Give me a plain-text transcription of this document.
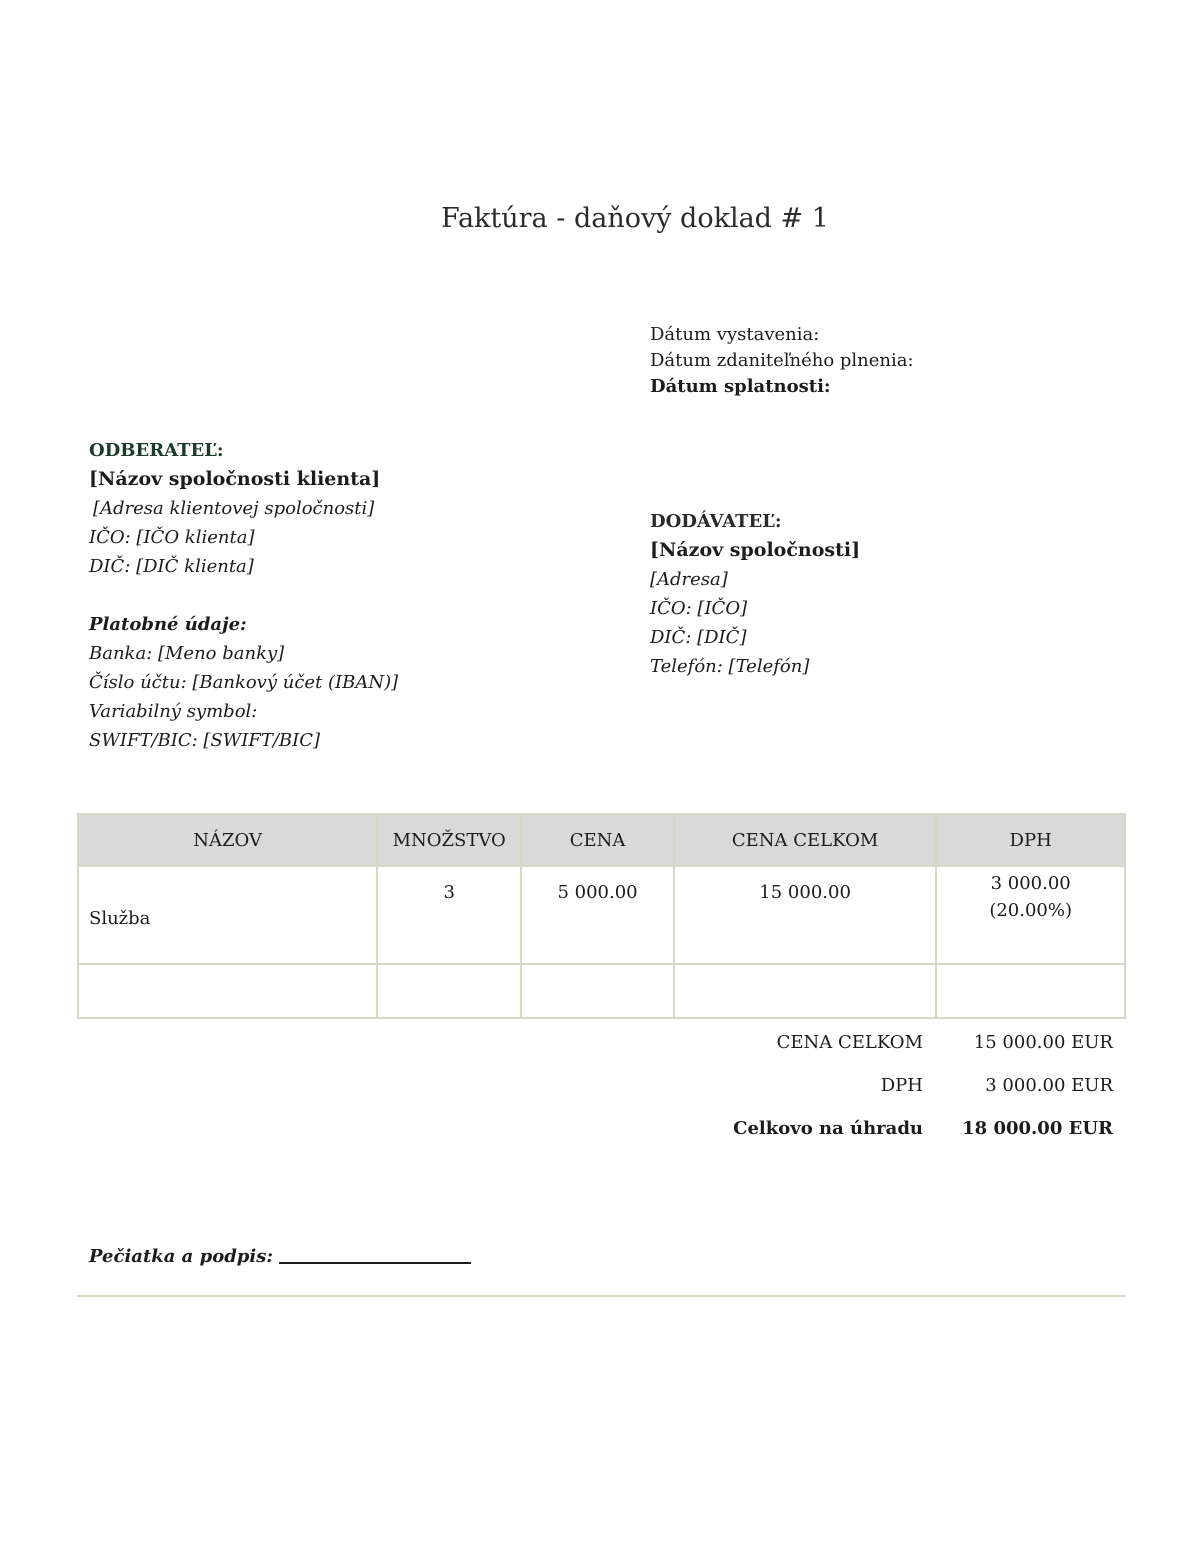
Faktúra - daňový doklad # 1
Dátum vystavenia:
Dátum zdaniteľného plnenia:
Dátum splatnosti:
ODBERATEĽ:
[Názov spoločnosti klienta]
[Adresa klientovej spoločnosti]
IČO: [IČO klienta]
DIČ: [DIČ klienta]
Platobné údaje:
Banka: [Meno banky]
Číslo účtu: [Bankový účet (IBAN)]
Variabilný symbol:
SWIFT/BIC: [SWIFT/BIC]
DODÁVATEĽ:
[Názov spoločnosti]
[Adresa]
IČO: [IČO]
DIČ: [DIČ]
Telefón: [Telefón]
NÁZOV	MNOŽSTVO	CENA	CENA CELKOM	DPH
Služba	3	5 000.00	15 000.00	3 000.00
(20.00%)

CENA CELKOM	15 000.00 EUR
DPH	3 000.00 EUR
Celkovo na úhradu	18 000.00 EUR
Pečiatka a podpis:
